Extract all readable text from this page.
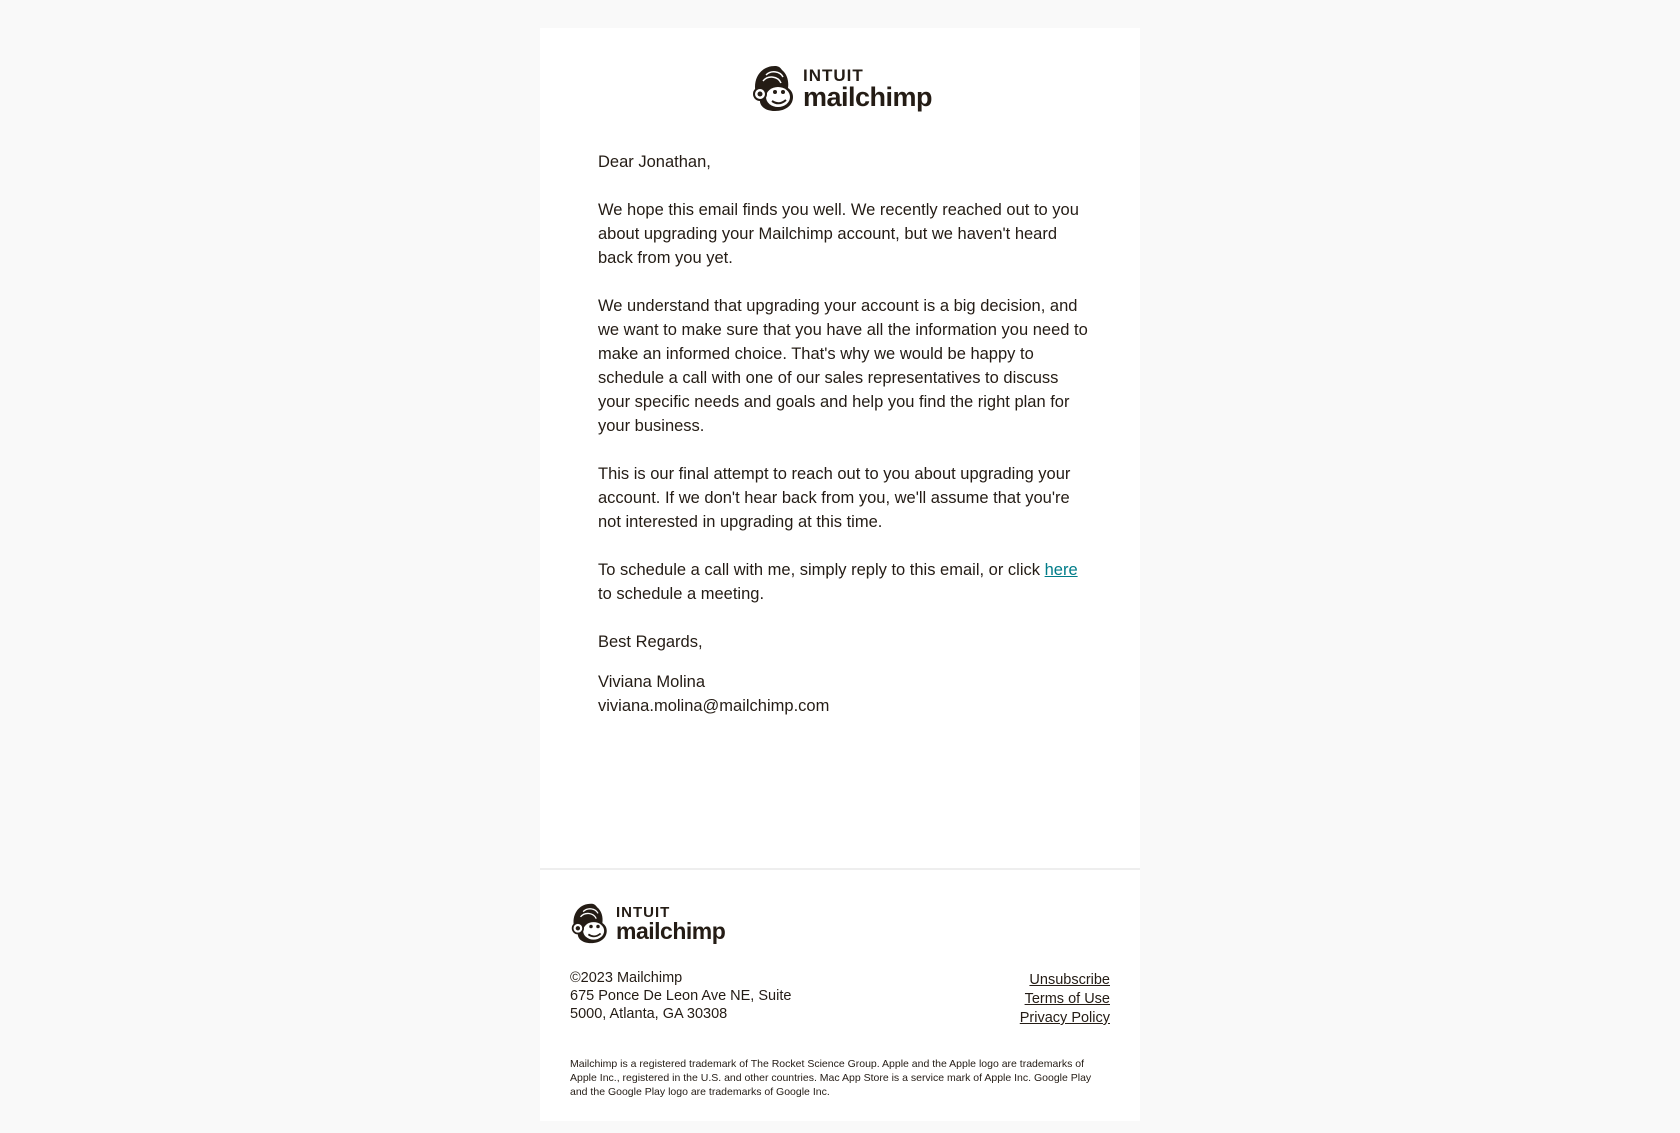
INTUIT
mailchimp

Dear Jonathan,

We hope this email finds you well. We recently reached out to you about upgrading your Mailchimp account, but we haven't heard back from you yet.

We understand that upgrading your account is a big decision, and we want to make sure that you have all the information you need to make an informed choice. That's why we would be happy to schedule a call with one of our sales representatives to discuss your specific needs and goals and help you find the right plan for your business.

This is our final attempt to reach out to you about upgrading your account. If we don't hear back from you, we'll assume that you're not interested in upgrading at this time.

To schedule a call with me, simply reply to this email, or click here to schedule a meeting.

Best Regards,

Viviana Molina
viviana.molina@mailchimp.com
INTUIT
mailchimp
©2023 Mailchimp
675 Ponce De Leon Ave NE, Suite 5000, Atlanta, GA 30308
Unsubscribe
Terms of Use
Privacy Policy
Mailchimp is a registered trademark of The Rocket Science Group. Apple and the Apple logo are trademarks of Apple Inc., registered in the U.S. and other countries. Mac App Store is a service mark of Apple Inc. Google Play and the Google Play logo are trademarks of Google Inc.
